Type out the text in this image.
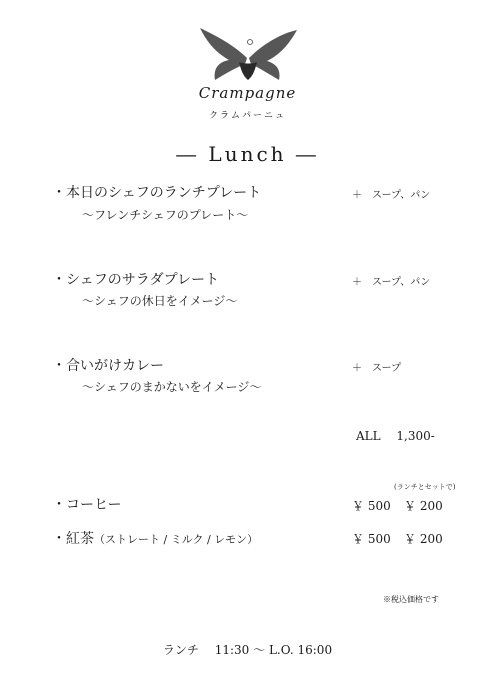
Crampagne
クラムパーニュ
― Lunch ―
・本日のシェフのランチプレート
～フレンチシェフのプレート～
＋　スープ、パン
・シェフのサラダプレート
～シェフの休日をイメージ～
＋　スープ、パン
・合いがけカレー
～シェフのまかないをイメージ～
＋　スープ
ALL　 1,300-
(ランチとセットで)
・コーヒー	￥ 500 ￥ 200
・紅茶（ストレート / ミルク / レモン）	￥ 500 ￥ 200
※税込価格です
ランチ　 11:30 ～ L.O. 16:00
